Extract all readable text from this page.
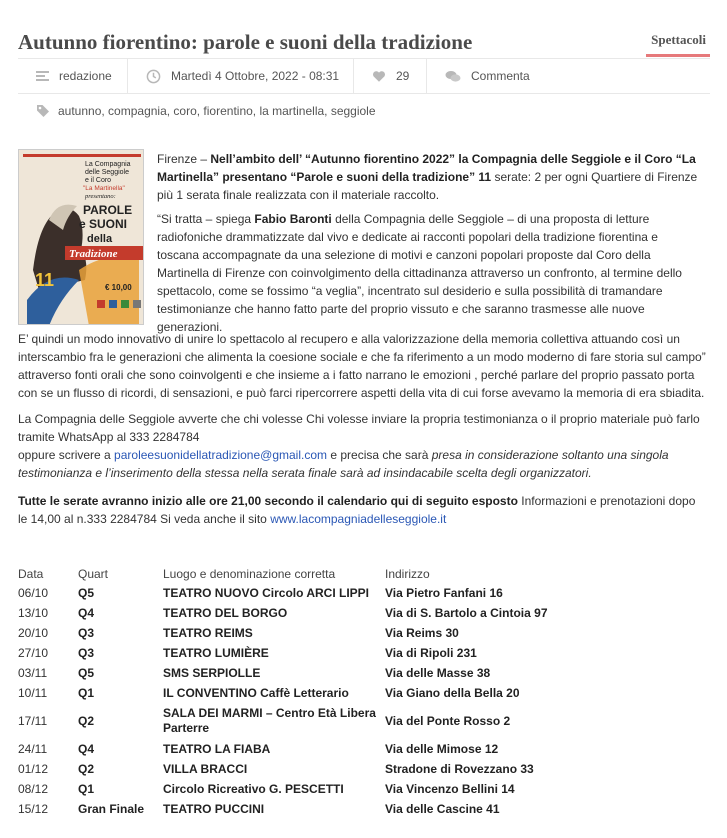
Autunno fiorentino: parole e suoni della tradizione	Spettacoli
redazione	Martedì 4 Ottobre, 2022 - 08:31	29	Commenta
autunno, compagnia, coro, fiorentino, la martinella, seggiole
La Compagnia
delle Seggiole
e il Coro
"La Martinella"
presentano:
PAROLE
e SUONI
della
Tradizione
11	€ 10,00

Firenze – Nell’ambito dell’ “Autunno fiorentino 2022” la Compagnia delle Seggiole e il Coro “La Martinella” presentano “Parole e suoni della tradizione” 11 serate: 2 per ogni Quartiere di Firenze più 1 serata finale realizzata con il materiale raccolto.

“Si tratta – spiega Fabio Baronti della Compagnia delle Seggiole – di una proposta di letture radiofoniche drammatizzate dal vivo e dedicate ai racconti popolari della tradizione fiorentina e toscana accompagnate da una selezione di motivi e canzoni popolari proposte dal Coro della Martinella di Firenze con coinvolgimento della cittadinanza attraverso un confronto, al termine dello spettacolo, come se fossimo “a veglia”, incentrato sul desiderio e sulla possibilità di tramandare testimonianze che hanno fatto parte del proprio vissuto e che saranno trasmesse alle nuove generazioni.

E’ quindi un modo innovativo di unire lo spettacolo al recupero e alla valorizzazione della memoria collettiva attuando così un interscambio fra le generazioni che alimenta la coesione sociale e che fa riferimento a un modo moderno di fare storia sul campo” attraverso fonti orali che sono coinvolgenti e che insieme a i fatto narrano le emozioni , perché parlare del proprio passato porta con se un flusso di ricordi, di sensazioni, e può farci ripercorrere aspetti della vita di cui forse avevamo la memoria di era sbiadita.

La Compagnia delle Seggiole avverte che chi volesse Chi volesse inviare la propria testimonianza o il proprio materiale può farlo tramite WhatsApp al 333 2284784
oppure scrivere a paroleesuonidellatradizione@gmail.com e precisa che sarà presa in considerazione soltanto una singola testimonianza e l’inserimento della stessa nella serata finale sarà ad insindacabile scelta degli organizzatori.

Tutte le serate avranno inizio alle ore 21,00 secondo il calendario qui di seguito esposto Informazioni e prenotazioni dopo le 14,00 al n.333 2284784 Si veda anche il sito www.lacompagniadelleseggiole.it

Data	Quart	Luogo e denominazione corretta	Indirizzo
06/10	Q5	TEATRO NUOVO Circolo ARCI LIPPI	Via Pietro Fanfani 16
13/10	Q4	TEATRO DEL BORGO	Via di S. Bartolo a Cintoia 97
20/10	Q3	TEATRO REIMS	Via Reims 30
27/10	Q3	TEATRO LUMIÈRE	Via di Ripoli 231
03/11	Q5	SMS SERPIOLLE	Via delle Masse 38
10/11	Q1	IL CONVENTINO Caffè Letterario	Via Giano della Bella 20
17/11	Q2	SALA DEI MARMI – Centro Età Libera Parterre	Via del Ponte Rosso 2
24/11	Q4	TEATRO LA FIABA	Via delle Mimose 12
01/12	Q2	VILLA BRACCI	Stradone di Rovezzano 33
08/12	Q1	Circolo Ricreativo G. PESCETTI	Via Vincenzo Bellini 14
15/12	Gran Finale	TEATRO PUCCINI	Via delle Cascine 41
